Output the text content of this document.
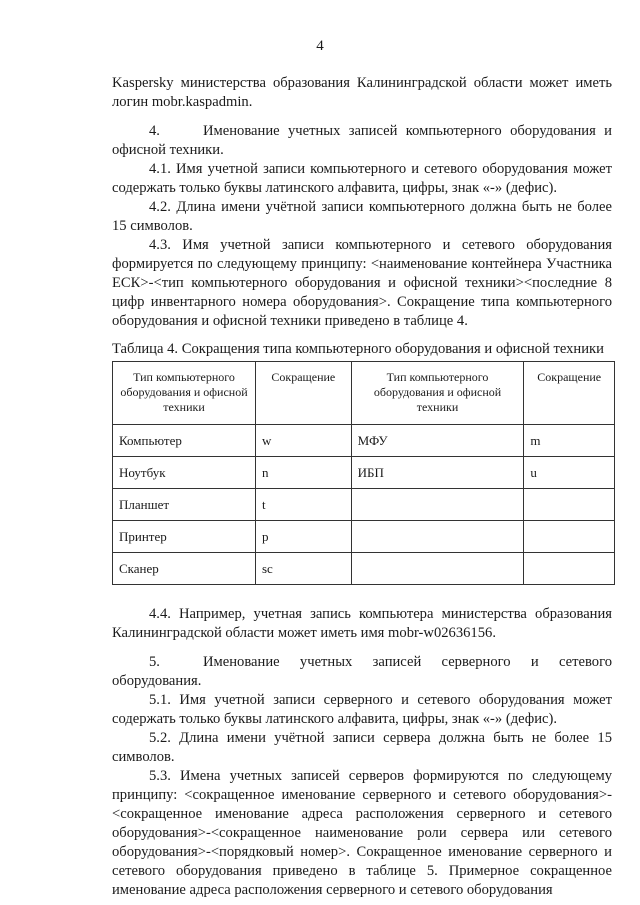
4

Kaspersky министерства образования Калининградской области может иметь логин mobr.kaspadmin.

4.	Именование учетных записей компьютерного оборудования и офисной техники.

4.1. Имя учетной записи компьютерного и сетевого оборудования может содержать только буквы латинского алфавита, цифры, знак «-» (дефис).

4.2. Длина имени учётной записи компьютерного должна быть не более 15 символов.

4.3. Имя учетной записи компьютерного и сетевого оборудования формируется по следующему принципу: <наименование контейнера Участника ЕСК>-<тип компьютерного оборудования и офисной техники><последние 8 цифр инвентарного номера оборудования>. Сокращение типа компьютерного оборудования и офисной техники приведено в таблице 4.

Таблица 4. Сокращения типа компьютерного оборудования и офисной техники

Тип компьютерного оборудования и офисной техники	Сокращение	Тип компьютерного оборудования и офисной техники	Сокращение
Компьютер	w	МФУ	m
Ноутбук	n	ИБП	u
Планшет	t		
Принтер	p		
Сканер	sc		

4.4. Например, учетная запись компьютера министерства образования Калининградской области может иметь имя mobr-w02636156.

5.	Именование учетных записей серверного и сетевого оборудования.

5.1. Имя учетной записи серверного и сетевого оборудования может содержать только буквы латинского алфавита, цифры, знак «-» (дефис).

5.2. Длина имени учётной записи сервера должна быть не более 15 символов.

5.3. Имена учетных записей серверов формируются по следующему принципу: <сокращенное именование серверного и сетевого оборудования>-<сокращенное именование адреса расположения серверного и сетевого оборудования>-<сокращенное наименование роли сервера или сетевого оборудования>-<порядковый номер>. Сокращенное именование серверного и сетевого оборудования приведено в таблице 5. Примерное сокращенное именование адреса расположения серверного и сетевого оборудования
